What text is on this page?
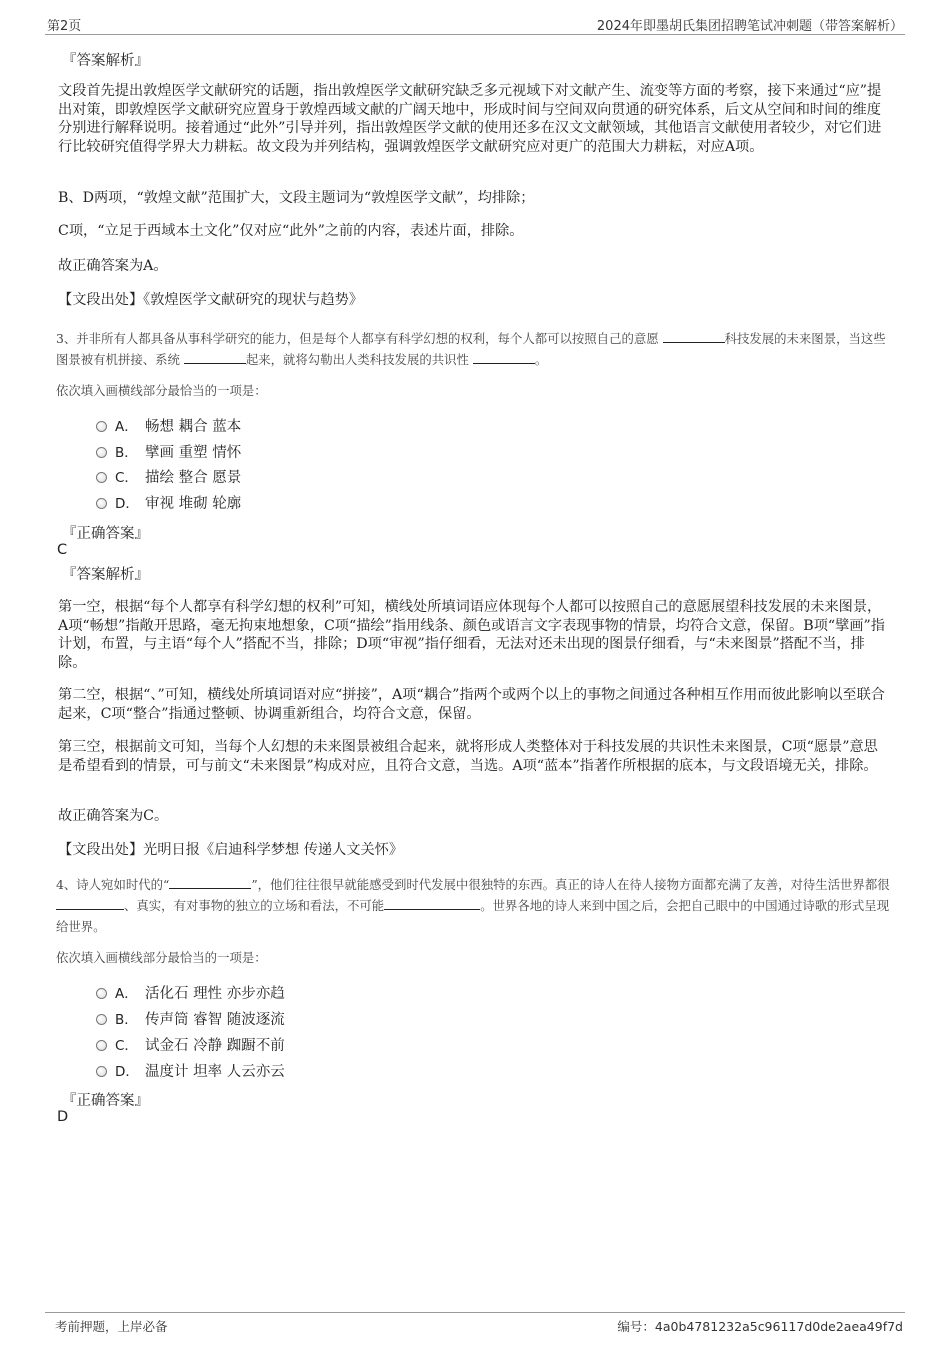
第2页	2024年即墨胡氏集团招聘笔试冲刺题（带答案解析）
『答案解析』
文段首先提出敦煌医学文献研究的话题，指出敦煌医学文献研究缺乏多元视域下对文献产生、流变等方面的考察，接下来通过“应”提出对策，即敦煌医学文献研究应置身于敦煌西域文献的广阔天地中，形成时间与空间双向贯通的研究体系，后文从空间和时间的维度分别进行解释说明。接着通过“此外”引导并列，指出敦煌医学文献的使用还多在汉文文献领域，其他语言文献使用者较少，对它们进行比较研究值得学界大力耕耘。故文段为并列结构，强调敦煌医学文献研究应对更广的范围大力耕耘，对应A项。
B、D两项，“敦煌文献”范围扩大，文段主题词为“敦煌医学文献”，均排除；
C项，“立足于西域本土文化”仅对应“此外”之前的内容，表述片面，排除。
故正确答案为A。
【文段出处】《敦煌医学文献研究的现状与趋势》
3、并非所有人都具备从事科学研究的能力，但是每个人都享有科学幻想的权利，每个人都可以按照自己的意愿	科技发展的未来图景，当这些图景被有机拼接、系统	起来，就将勾勒出人类科技发展的共识性	。
依次填入画横线部分最恰当的一项是：
A． 畅想 耦合 蓝本
B． 擘画 重塑 情怀
C． 描绘 整合 愿景
D． 审视 堆砌 轮廓
『正确答案』
C
『答案解析』
第一空，根据“每个人都享有科学幻想的权利”可知，横线处所填词语应体现每个人都可以按照自己的意愿展望科技发展的未来图景，A项“畅想”指敞开思路，毫无拘束地想象，C项“描绘”指用线条、颜色或语言文字表现事物的情景，均符合文意，保留。B项“擘画”指计划，布置，与主语“每个人”搭配不当，排除；D项“审视”指仔细看，无法对还未出现的图景仔细看，与“未来图景”搭配不当，排除。
第二空，根据“、”可知，横线处所填词语对应“拼接”，A项“耦合”指两个或两个以上的事物之间通过各种相互作用而彼此影响以至联合起来，C项“整合”指通过整顿、协调重新组合，均符合文意，保留。
第三空，根据前文可知，当每个人幻想的未来图景被组合起来，就将形成人类整体对于科技发展的共识性未来图景，C项“愿景”意思是希望看到的情景，可与前文“未来图景”构成对应，且符合文意，当选。A项“蓝本”指著作所根据的底本，与文段语境无关，排除。
故正确答案为C。
【文段出处】光明日报《启迪科学梦想 传递人文关怀》
4、诗人宛如时代的“	”，他们往往很早就能感受到时代发展中很独特的东西。真正的诗人在待人接物方面都充满了友善，对待生活世界都很、真实，有对事物的独立的立场和看法，不可能	。世界各地的诗人来到中国之后，会把自己眼中的中国通过诗歌的形式呈现给世界。
依次填入画横线部分最恰当的一项是：
A． 活化石 理性 亦步亦趋
B． 传声筒 睿智 随波逐流
C． 试金石 冷静 踟蹰不前
D． 温度计 坦率 人云亦云
『正确答案』
D
考前押题，上岸必备	编号：4a0b4781232a5c96117d0de2aea49f7d
